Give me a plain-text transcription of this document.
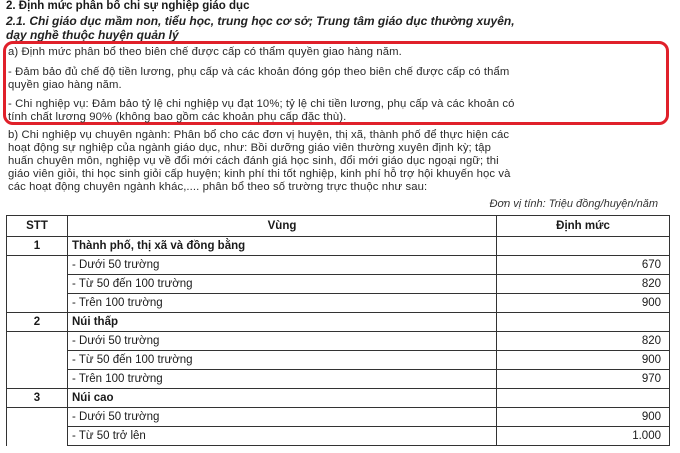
2. Định mức phân bổ chi sự nghiệp giáo dục
2.1. Chi giáo dục mầm non, tiểu học, trung học cơ sở; Trung tâm giáo dục thường xuyên,
dạy nghề thuộc huyện quản lý
a) Định mức phân bổ theo biên chế được cấp có thẩm quyền giao hàng năm.
- Đảm bảo đủ chế độ tiền lương, phụ cấp và các khoản đóng góp theo biên chế được cấp có thẩm
quyền giao hàng năm.
- Chi nghiệp vụ: Đảm bảo tỷ lệ chi nghiệp vụ đạt 10%; tỷ lệ chi tiền lương, phụ cấp và các khoản có
tính chất lương 90% (không bao gồm các khoản phụ cấp đặc thù).
b) Chi nghiệp vụ chuyên ngành: Phân bổ cho các đơn vị huyện, thị xã, thành phố để thực hiện các
hoạt động sự nghiệp của ngành giáo dục, như: Bồi dưỡng giáo viên thường xuyên định kỳ; tập
huấn chuyên môn, nghiệp vụ về đổi mới cách đánh giá học sinh, đổi mới giáo dục ngoại ngữ; thi
giáo viên giỏi, thi học sinh giỏi cấp huyện; kinh phí thi tốt nghiệp, kinh phí hỗ trợ hội khuyến học và
các hoạt động chuyên ngành khác,.... phân bổ theo số trường trực thuộc như sau:
Đơn vị tính: Triệu đồng/huyện/năm
STT	Vùng	Định mức
1	Thành phố, thị xã và đồng bằng	
	- Dưới 50 trường	670
	- Từ 50 đến 100 trường	820
	- Trên 100 trường	900
2	Núi thấp	
	- Dưới 50 trường	820
	- Từ 50 đến 100 trường	900
	- Trên 100 trường	970
3	Núi cao	
	- Dưới 50 trường	900
	- Từ 50 trở lên	1.000
